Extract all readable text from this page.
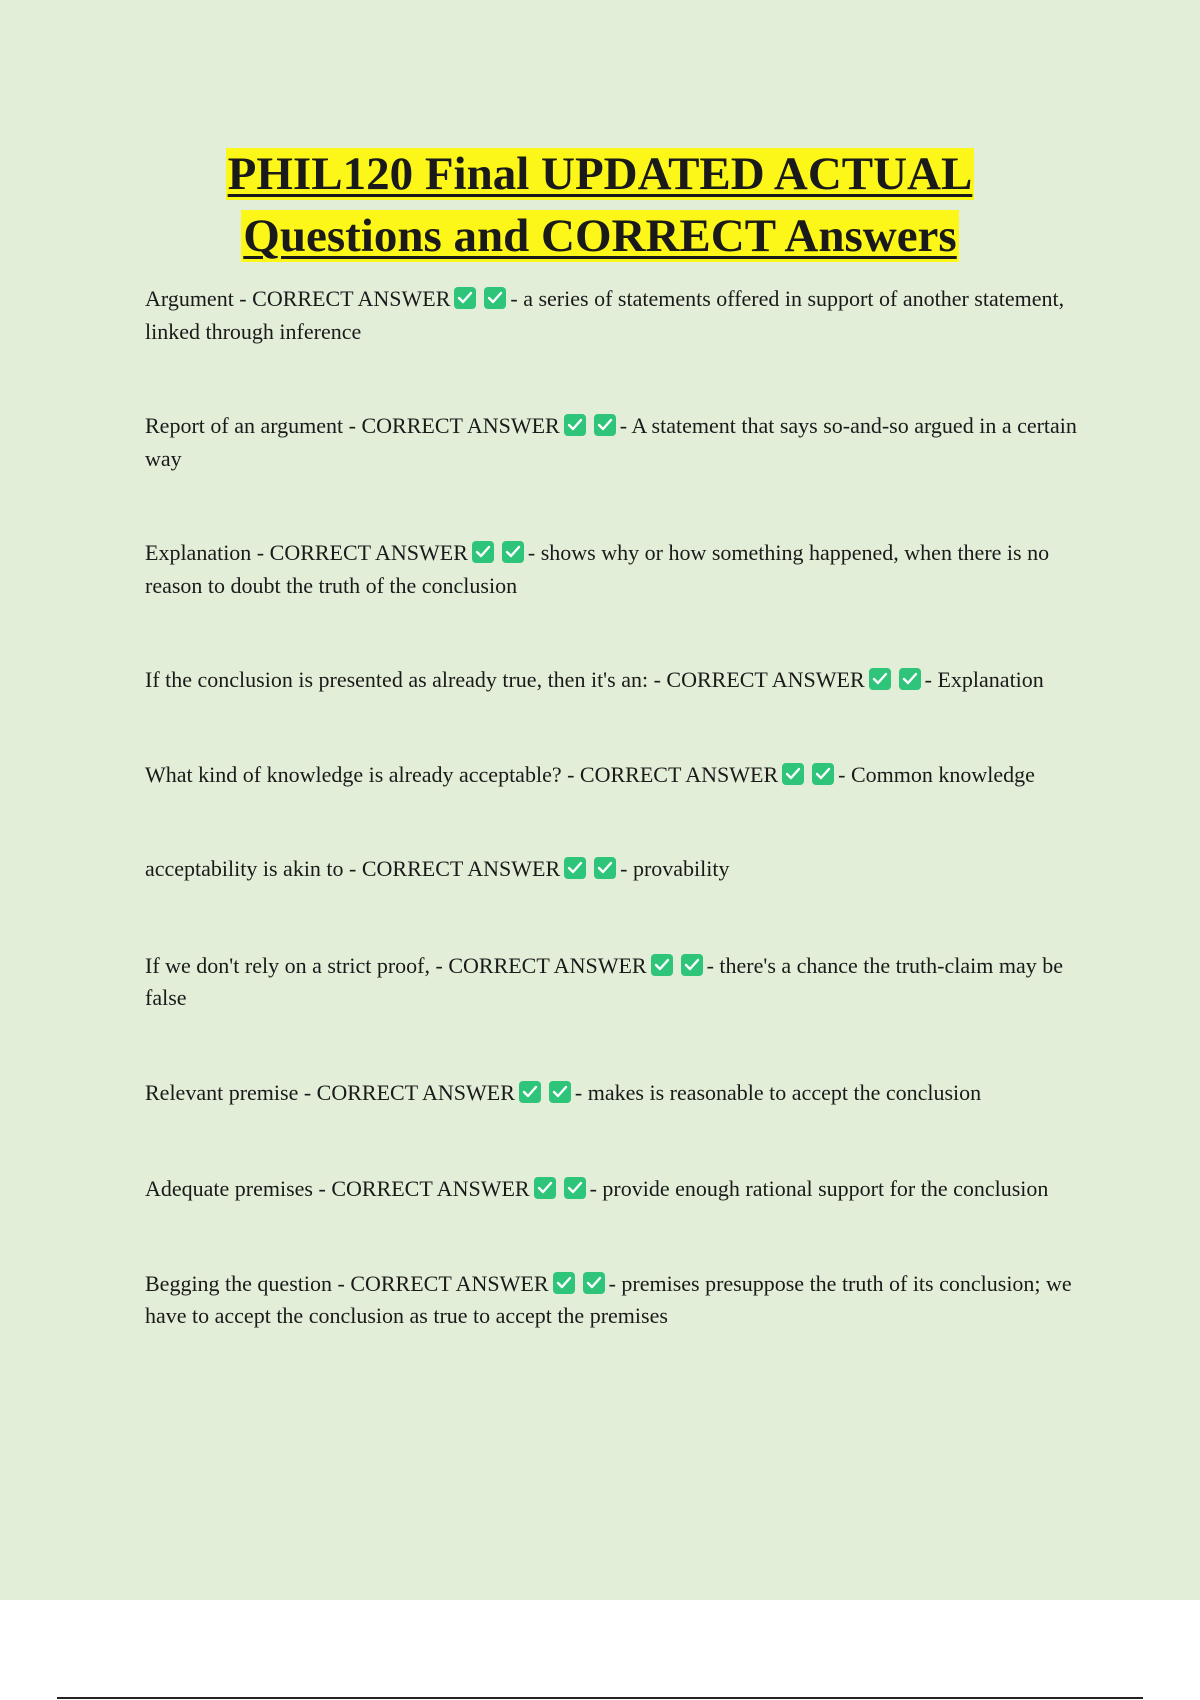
PHIL120 Final UPDATED ACTUAL
Questions and CORRECT Answers
Argument - CORRECT ANSWER	- a series of statements offered in support of another statement, linked through inference
Report of an argument - CORRECT ANSWER	- A statement that says so-and-so argued in a certain way
Explanation - CORRECT ANSWER	- shows why or how something happened, when there is no reason to doubt the truth of the conclusion
If the conclusion is presented as already true, then it's an: - CORRECT ANSWER	- Explanation
What kind of knowledge is already acceptable? - CORRECT ANSWER	- Common knowledge
acceptability is akin to - CORRECT ANSWER	- provability
If we don't rely on a strict proof, - CORRECT ANSWER	- there's a chance the truth-claim may be false
Relevant premise - CORRECT ANSWER	- makes is reasonable to accept the conclusion
Adequate premises - CORRECT ANSWER	- provide enough rational support for the conclusion
Begging the question - CORRECT ANSWER	- premises presuppose the truth of its conclusion; we have to accept the conclusion as true to accept the premises
